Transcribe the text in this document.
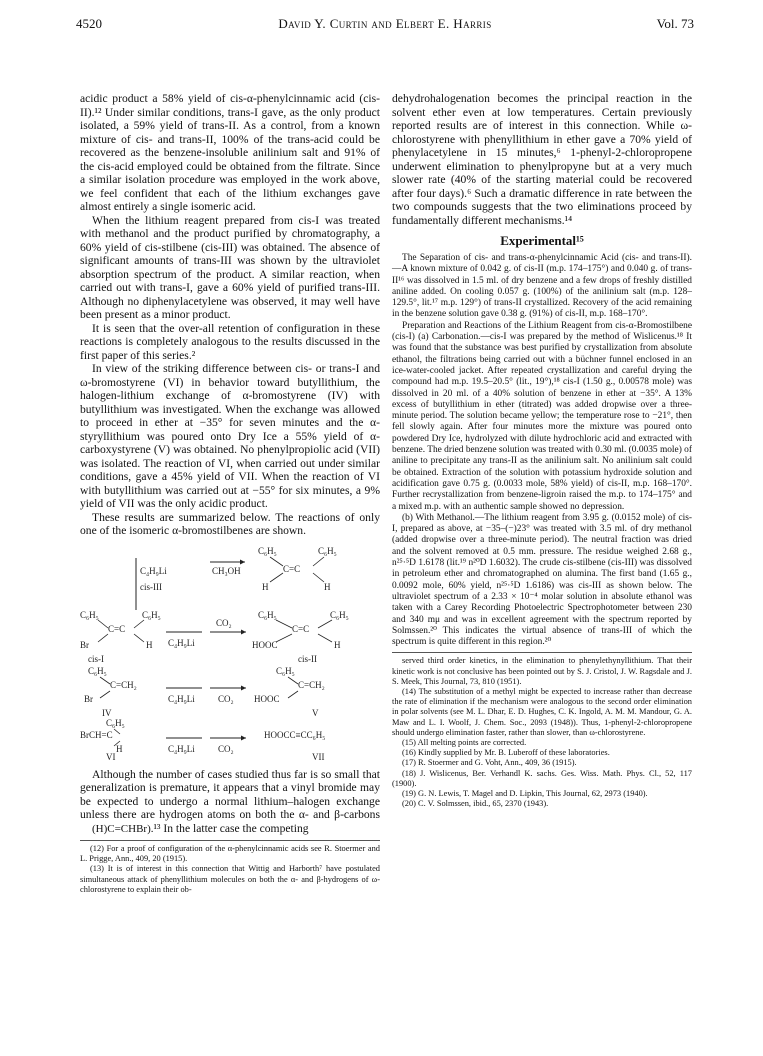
4520	David Y. Curtin and Elbert E. Harris	Vol. 73

acidic product a 58% yield of cis-α-phenylcinnamic acid (cis-II).¹² Under similar conditions, trans-I gave, as the only product isolated, a 59% yield of trans-II. As a control, from a known mixture of cis- and trans-II, 100% of the trans-acid could be recovered as the benzene-insoluble anilinium salt and 91% of the cis-acid employed could be obtained from the filtrate. Since a similar isolation procedure was employed in the work above, we feel confident that each of the lithium exchanges gave almost entirely a single isomeric acid.

When the lithium reagent prepared from cis-I was treated with methanol and the product purified by chromatography, a 60% yield of cis-stilbene (cis-III) was obtained. The absence of significant amounts of trans-III was shown by the ultraviolet absorption spectrum of the product. A similar reaction, when carried out with trans-I, gave a 60% yield of purified trans-III. Although no diphenylacetylene was observed, it may well have been present as a minor product.

It is seen that the over-all retention of configuration in these reactions is completely analogous to the results discussed in the first paper of this series.²

In view of the striking difference between cis- or trans-I and ω-bromostyrene (VI) in behavior toward butyllithium, the halogen-lithium exchange of α-bromostyrene (IV) with butyllithium was investigated. When the exchange was allowed to proceed in ether at −35° for seven minutes and the α-styryllithium was poured onto Dry Ice a 55% yield of α-carboxystyrene (V) was obtained. No phenylpropiolic acid (VII) was isolated. The reaction of VI, when carried out under similar conditions, gave a 45% yield of VII. When the reaction of VI with butyllithium was carried out at −55° for six minutes, a 9% yield of VII was the only acidic product.

These results are summarized below. The reactions of only one of the isomeric α-bromostilbenes are shown.

C₄H₉Li
cis-III
CH₃OH
C₆H₅	C₆H₅
C=C
H	H
C₆H₅	C₆H₅
C=C
Br	H
cis-I
C₄H₉Li
CO₂
C₆H₅	C₆H₅
C=C
HOOC	H
cis-II
C₆H₅
C=CH₂
Br
IV
C₄H₉Li	CO₂
C₆H₅
C=CH₂
HOOC
V
C₆H₅
BrCH=C
H
VI
C₄H₉Li	CO₂
HOOCC≡CC₆H₅
VII

Although the number of cases studied thus far is so small that generalization is premature, it appears that a vinyl bromide may be expected to undergo a normal lithium–halogen exchange unless there are hydrogen atoms on both the α- and β-carbons (H)C=CHBr).¹³ In the latter case the competing

(12) For a proof of configuration of the α-phenylcinnamic acids see R. Stoermer and L. Prigge, Ann., 409, 20 (1915).

(13) It is of interest in this connection that Wittig and Harborth⁷ have postulated simultaneous attack of phenyllithium molecules on both the α- and β-hydrogens of ω-chlorostyrene to explain their ob-

dehydrohalogenation becomes the principal reaction in the solvent ether even at low temperatures. Certain previously reported results are of interest in this connection. While ω-chlorostyrene with phenyllithium in ether gave a 70% yield of phenylacetylene in 15 minutes,⁶ 1-phenyl-2-chloropropene underwent elimination to phenylpropyne but at a very much slower rate (40% of the starting material could be recovered after four days).⁶ Such a dramatic difference in rate between the two compounds suggests that the two eliminations proceed by fundamentally different mechanisms.¹⁴

Experimental¹⁵

The Separation of cis- and trans-α-phenylcinnamic Acid (cis- and trans-II).—A known mixture of 0.042 g. of cis-II (m.p. 174–175°) and 0.040 g. of trans-II¹⁶ was dissolved in 1.5 ml. of dry benzene and a few drops of freshly distilled aniline added. On cooling 0.057 g. (100%) of the anilinium salt (m.p. 128–129.5°, lit.¹⁷ m.p. 129°) of trans-II crystallized. Recovery of the acid remaining in the benzene solution gave 0.38 g. (91%) of cis-II, m.p. 168–170°.

Preparation and Reactions of the Lithium Reagent from cis-α-Bromostilbene (cis-I) (a) Carbonation.—cis-I was prepared by the method of Wislicenus.¹⁸ It was found that the substance was best purified by crystallization from absolute ethanol, the filtrations being carried out with a büchner funnel enclosed in an ice-water-cooled jacket. After repeated crystallization and careful drying the compound had m.p. 19.5–20.5° (lit., 19°),¹⁸ cis-I (1.50 g., 0.00578 mole) was dissolved in 20 ml. of a 40% solution of benzene in ether at −35°. A 13% excess of butyllithium in ether (titrated) was added dropwise over a three-minute period. The solution became yellow; the temperature rose to −21°, then fell slowly again. After four minutes more the mixture was poured onto powdered Dry Ice, hydrolyzed with dilute hydrochloric acid and extracted with benzene. The dried benzene solution was treated with 0.30 ml. (0.0035 mole) of aniline to precipitate any trans-II as the anilinium salt. No anilinium salt could be obtained. Extraction of the solution with potassium hydroxide solution and acidification gave 0.75 g. (0.0033 mole, 58% yield) of cis-II, m.p. 168–170°. Further recrystallization from benzene-ligroin raised the m.p. to 174–175° and a mixed m.p. with an authentic sample showed no depression.

(b) With Methanol.—The lithium reagent from 3.95 g. (0.0152 mole) of cis-I, prepared as above, at −35–(−)23° was treated with 3.5 ml. of dry methanol (added dropwise over a three-minute period). The neutral fraction was dried and the solvent removed at 0.5 mm. pressure. The residue weighed 2.68 g., n²⁵·⁵D 1.6178 (lit.¹⁹ n²⁰D 1.6032). The crude cis-stilbene (cis-III) was dissolved in petroleum ether and chromatographed on alumina. The first band (1.65 g., 0.0092 mole, 60% yield, n²⁵·⁵D 1.6186) was cis-III as shown below. The ultraviolet spectrum of a 2.33 × 10⁻⁴ molar solution in absolute ethanol was taken with a Carey Recording Photoelectric Spectrophotometer between 230 and 340 mμ and was in excellent agreement with the spectrum reported by Solmssen.²⁰ This indicates the virtual absence of trans-III of which the spectrum is quite different in this region.²⁰

served third order kinetics, in the elimination to phenylethynyllithium. That their kinetic work is not conclusive has been pointed out by S. J. Cristol, J. W. Ragsdale and J. S. Meek, This Journal, 73, 810 (1951).

(14) The substitution of a methyl might be expected to increase rather than decrease the rate of elimination if the mechanism were analogous to the second order elimination in polar solvents (see M. L. Dhar, E. D. Hughes, C. K. Ingold, A. M. M. Mandour, G. A. Maw and L. I. Woolf, J. Chem. Soc., 2093 (1948)). Thus, 1-phenyl-2-chloropropene should undergo elimination faster, rather than slower, than ω-chlorostyrene.

(15) All melting points are corrected.

(16) Kindly supplied by Mr. B. Luberoff of these laboratories.

(17) R. Stoermer and G. Voht, Ann., 409, 36 (1915).

(18) J. Wislicenus, Ber. Verhandl K. sachs. Ges. Wiss. Math. Phys. Cl., 52, 117 (1900).

(19) G. N. Lewis, T. Magel and D. Lipkin, This Journal, 62, 2973 (1940).

(20) C. V. Solmssen, ibid., 65, 2370 (1943).
